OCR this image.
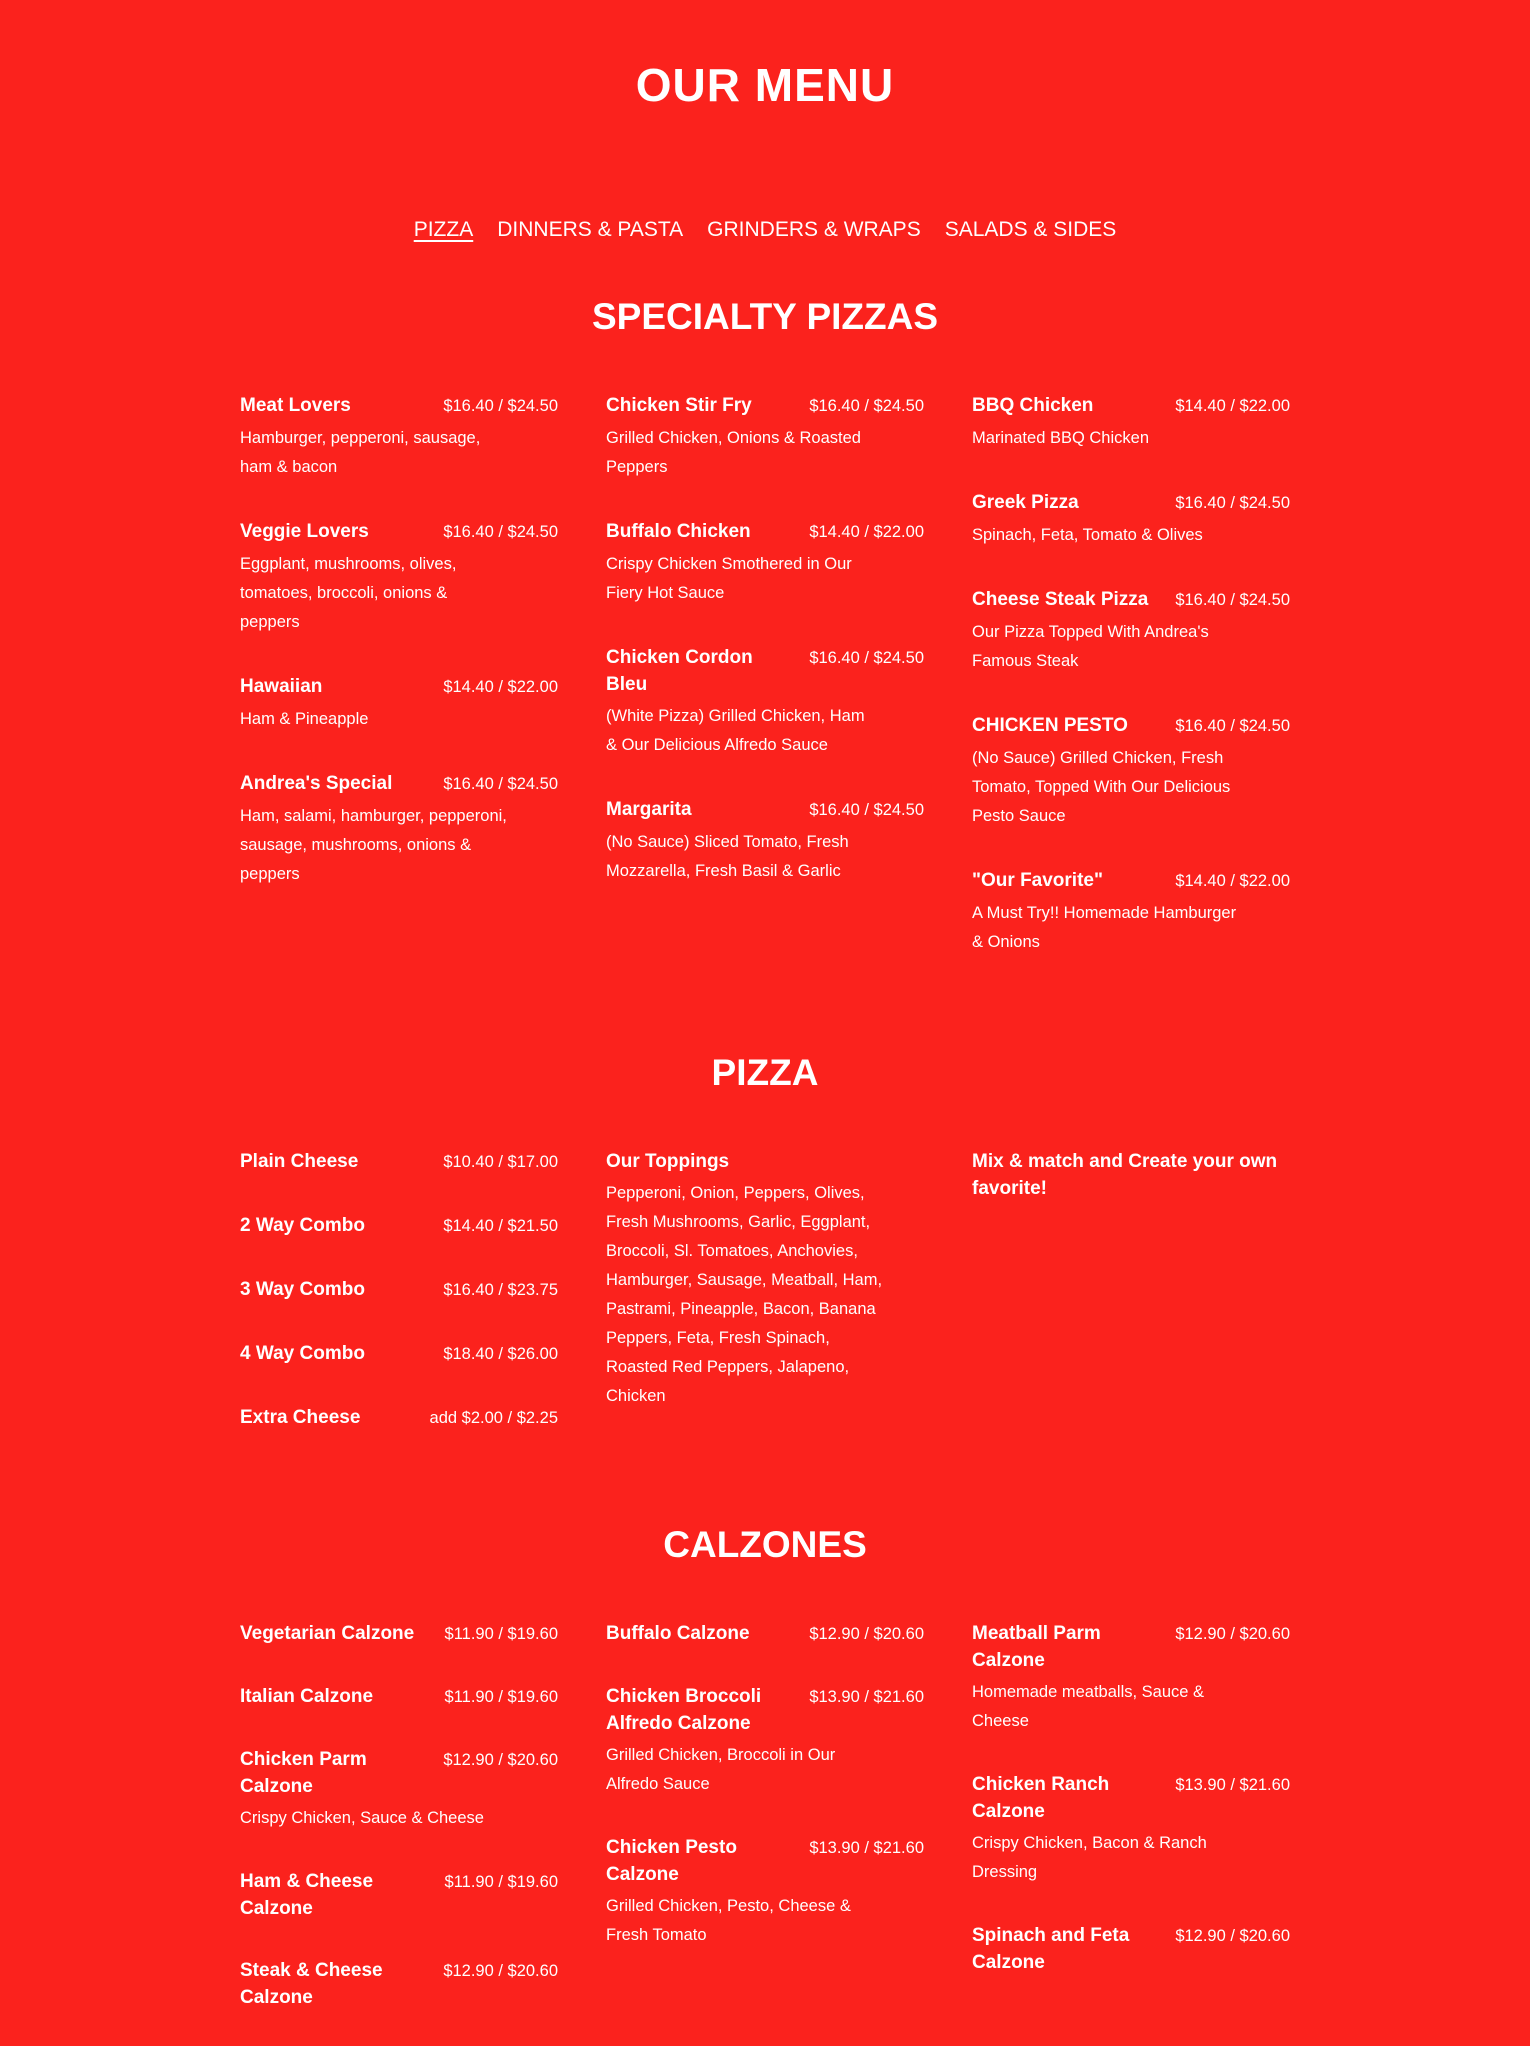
OUR MENU
PIZZA DINNERS & PASTA GRINDERS & WRAPS SALADS & SIDES
SPECIALTY PIZZAS
Meat Lovers	$16.40 / $24.50
Hamburger, pepperoni, sausage, ham & bacon
Veggie Lovers	$16.40 / $24.50
Eggplant, mushrooms, olives, tomatoes, broccoli, onions & peppers
Hawaiian	$14.40 / $22.00
Ham & Pineapple
Andrea's Special	$16.40 / $24.50
Ham, salami, hamburger, pepperoni, sausage, mushrooms, onions & peppers
Chicken Stir Fry	$16.40 / $24.50
Grilled Chicken, Onions & Roasted Peppers
Buffalo Chicken	$14.40 / $22.00
Crispy Chicken Smothered in Our Fiery Hot Sauce
Chicken Cordon Bleu
$16.40 / $24.50
(White Pizza) Grilled Chicken, Ham & Our Delicious Alfredo Sauce
Margarita	$16.40 / $24.50
(No Sauce) Sliced Tomato, Fresh Mozzarella, Fresh Basil & Garlic
BBQ Chicken	$14.40 / $22.00
Marinated BBQ Chicken
Greek Pizza	$16.40 / $24.50
Spinach, Feta, Tomato & Olives
Cheese Steak Pizza $16.40 / $24.50
Our Pizza Topped With Andrea's Famous Steak
CHICKEN PESTO	$16.40 / $24.50
(No Sauce) Grilled Chicken, Fresh Tomato, Topped With Our Delicious Pesto Sauce
"Our Favorite"	$14.40 / $22.00
A Must Try!! Homemade Hamburger & Onions
PIZZA
Plain Cheese	$10.40 / $17.00
2 Way Combo	$14.40 / $21.50
3 Way Combo	$16.40 / $23.75
4 Way Combo	$18.40 / $26.00
Extra Cheese	add $2.00 / $2.25
Our Toppings
Pepperoni, Onion, Peppers, Olives, Fresh Mushrooms, Garlic, Eggplant, Broccoli, Sl. Tomatoes, Anchovies, Hamburger, Sausage, Meatball, Ham, Pastrami, Pineapple, Bacon, Banana Peppers, Feta, Fresh Spinach, Roasted Red Peppers, Jalapeno, Chicken
Mix & match and Create your own favorite!
CALZONES
Vegetarian Calzone $11.90 / $19.60
Italian Calzone	$11.90 / $19.60
Chicken Parm Calzone
$12.90 / $20.60
Crispy Chicken, Sauce & Cheese
Ham & Cheese Calzone
$11.90 / $19.60
Steak & Cheese Calzone
$12.90 / $20.60
Buffalo Calzone	$12.90 / $20.60
Chicken Broccoli Alfredo Calzone
$13.90 / $21.60
Grilled Chicken, Broccoli in Our Alfredo Sauce
Chicken Pesto Calzone
$13.90 / $21.60
Grilled Chicken, Pesto, Cheese & Fresh Tomato
Meatball Parm Calzone
$12.90 / $20.60
Homemade meatballs, Sauce & Cheese
Chicken Ranch Calzone
$13.90 / $21.60
Crispy Chicken, Bacon & Ranch Dressing
Spinach and Feta Calzone
$12.90 / $20.60
